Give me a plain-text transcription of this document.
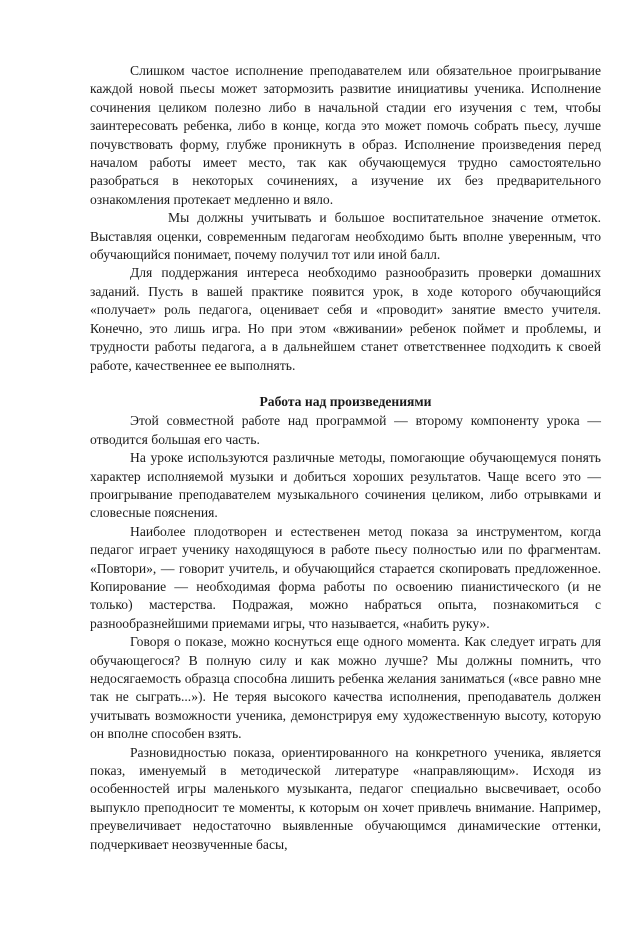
Слишком частое исполнение преподавателем или обязательное проигрывание каждой новой пьесы может затормозить развитие инициативы ученика. Исполнение сочинения целиком полезно либо в начальной стадии его изучения с тем, чтобы заинтересовать ребенка, либо в конце, когда это может помочь собрать пьесу, лучше почувствовать форму, глубже проникнуть в образ. Исполнение произведения перед началом работы имеет место, так как обучающемуся трудно самостоятельно разобраться в некоторых сочинениях, а изучение их без предварительного ознакомления протекает медленно и вяло.

Мы должны учитывать и большое воспитательное значение отметок. Выставляя оценки, современным педагогам необходимо быть вполне уверенным, что обучающийся понимает, почему получил тот или иной балл.

Для поддержания интереса необходимо разнообразить проверки домашних заданий. Пусть в вашей практике появится урок, в ходе которого обучающийся «получает» роль педагога, оценивает себя и «проводит» занятие вместо учителя. Конечно, это лишь игра. Но при этом «вживании» ребенок поймет и проблемы, и трудности работы педагога, а в дальнейшем станет ответственнее подходить к своей работе, качественнее ее выполнять.

Работа над произведениями

Этой совместной работе над программой — второму компоненту урока — отводится большая его часть.

На уроке используются различные методы, помогающие обучающемуся понять характер исполняемой музыки и добиться хороших результатов. Чаще всего это — проигрывание преподавателем музыкального сочинения целиком, либо отрывками и словесные пояснения.

Наиболее плодотворен и естественен метод показа за инструментом, когда педагог играет ученику находящуюся в работе пьесу полностью или по фрагментам. «Повтори», — говорит учитель, и обучающийся старается скопировать предложенное. Копирование — необходимая форма работы по освоению пианистического (и не только) мастерства. Подражая, можно набраться опыта, познакомиться с разнообразнейшими приемами игры, что называется, «набить руку».

Говоря о показе, можно коснуться еще одного момента. Как следует играть для обучающегося? В полную силу и как можно лучше? Мы должны помнить, что недосягаемость образца способна лишить ребенка желания заниматься («все равно мне так не сыграть...»). Не теряя высокого качества исполнения, преподаватель должен учитывать возможности ученика, демонстрируя ему художественную высоту, которую он вполне способен взять.

Разновидностью показа, ориентированного на конкретного ученика, является показ, именуемый в методической литературе «направляющим». Исходя из особенностей игры маленького музыканта, педагог специально высвечивает, особо выпукло преподносит те моменты, к которым он хочет привлечь внимание. Например, преувеличивает недостаточно выявленные обучающимся динамические оттенки, подчеркивает неозвученные басы,
